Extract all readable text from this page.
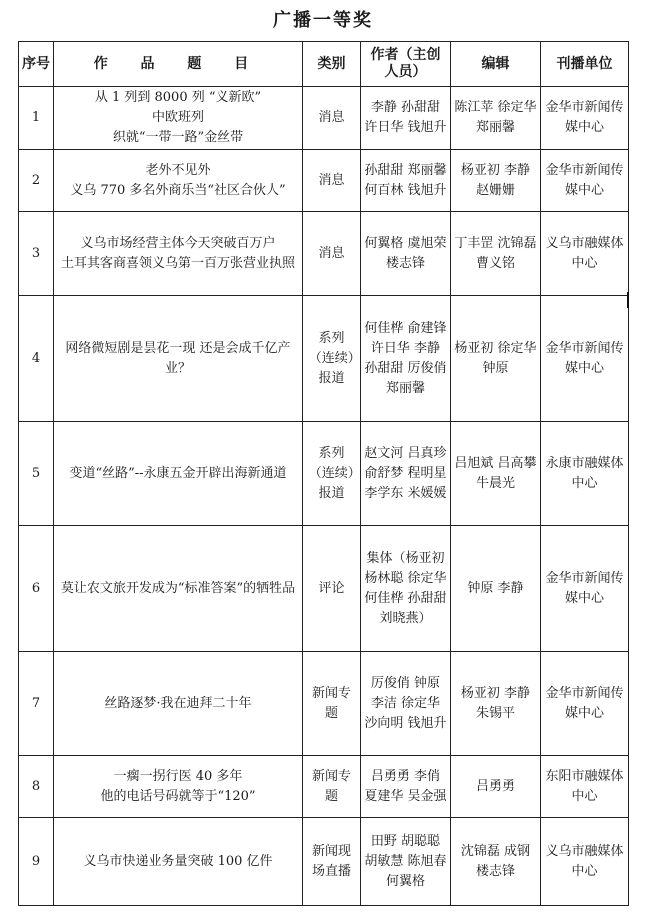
广播一等奖
序号	作 品 题 目	类别	作者（主创人员）	编辑	刊播单位
1	从 1 列到 8000 列 “义新欧”
中欧班列
织就“一带一路”金丝带	消息	李静 孙甜甜 许日华 钱旭升	陈江苹 徐定华 郑丽馨	金华市新闻传媒中心
2	老外不见外
义乌 770 多名外商乐当“社区合伙人”	消息	孙甜甜 郑丽馨 何百林 钱旭升	杨亚初 李静 赵姗姗	金华市新闻传媒中心
3	义乌市场经营主体今天突破百万户
土耳其客商喜领义乌第一百万张营业执照	消息	何翼格 虞旭荣 楼志锋	丁丰罡 沈锦磊 曹义铭	义乌市融媒体中心
4	网络微短剧是昙花一现 还是会成千亿产业？	系列（连续）报道	何佳桦 俞建锋 许日华 李静 孙甜甜 厉俊俏 郑丽馨	杨亚初 徐定华 钟原	金华市新闻传媒中心
5	变道“丝路”--永康五金开辟出海新通道	系列（连续）报道	赵文河 吕真珍 俞舒梦 程明星 李学东 米媛媛	吕旭斌 吕高攀 牛晨光	永康市融媒体中心
6	莫让农文旅开发成为“标准答案”的牺牲品	评论	集体（杨亚初 杨林聪 徐定华 何佳桦 孙甜甜 刘晓燕）	钟原 李静	金华市新闻传媒中心
7	丝路逐梦·我在迪拜二十年	新闻专题	厉俊俏 钟原 李洁 徐定华 沙向明 钱旭升	杨亚初 李静 朱锡平	金华市新闻传媒中心
8	一瘸一拐行医 40 多年
他的电话号码就等于“120”	新闻专题	吕勇勇 李俏 夏建华 吴金强	吕勇勇	东阳市融媒体中心
9	义乌市快递业务量突破 100 亿件	新闻现场直播	田野 胡聪聪 胡敏慧 陈旭春 何翼格	沈锦磊 成钢 楼志锋	义乌市融媒体中心
